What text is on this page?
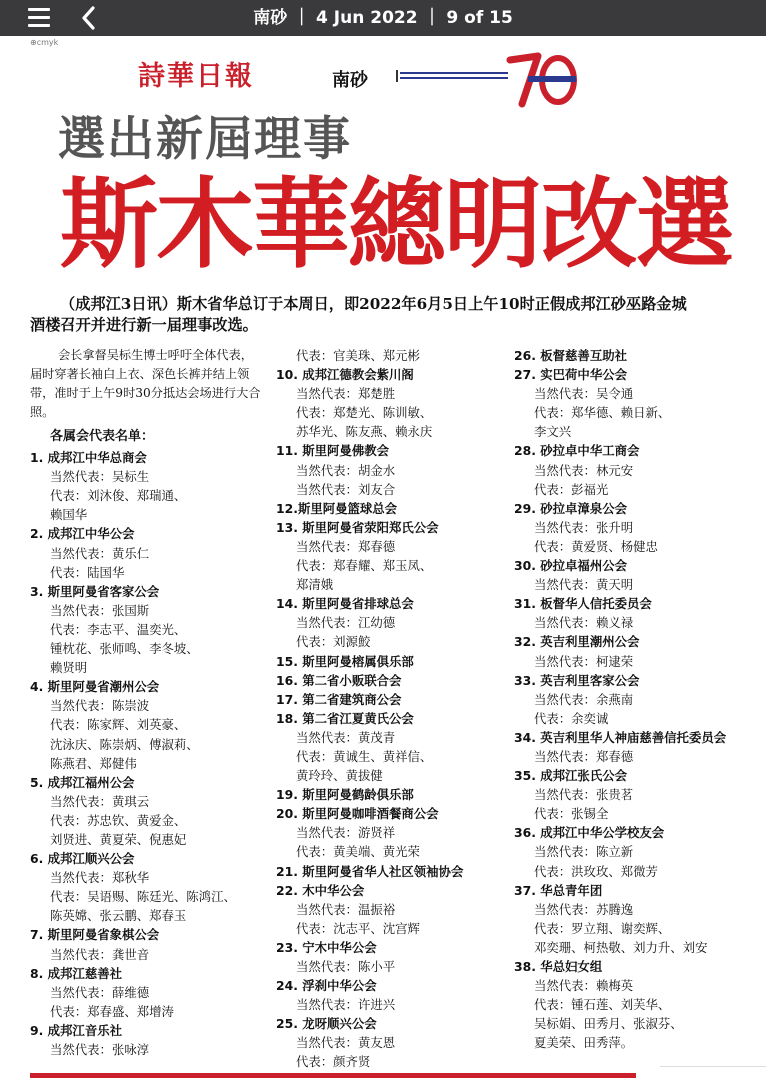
南砂 ｜ 4 Jun 2022 ｜ 9 of 15
⊕cmyk
詩華日報	南砂
選出新屆理事
斯木華總明改選

（成邦江3日讯）斯木省华总订于本周日，即2022年6月5日上午10时正假成邦江砂巫路金城

酒楼召开并进行新一届理事改选。

会长拿督吴标生博士呼吁全体代表，届时穿著长袖白上衣、深色长裤并结上领带，准时于上午9时30分抵达会场进行大合照。

各属会代表名单：
1. 成邦江中华总商会
当然代表：吴标生
代表：刘沐俊、郑瑞通、
赖国华
2. 成邦江中华公会
当然代表：黄乐仁
代表：陆国华
3. 斯里阿曼省客家公会
当然代表：张国斯
代表：李志平、温奕光、
锺枕花、张师鸣、李冬坡、
赖贤明
4. 斯里阿曼省潮州公会
当然代表：陈崇波
代表：陈家辉、刘英豪、
沈泳庆、陈崇炳、傅淑莉、
陈燕君、郑健伟
5. 成邦江福州公会
当然代表：黄琪云
代表：苏忠钦、黄爱金、
刘贤进、黄夏荣、倪惠妃
6. 成邦江顺兴公会
当然代表：郑秋华
代表：吴语赐、陈廷光、陈鸿江、
陈英嫦、张云鹏、郑春玉
7. 斯里阿曼省象棋公会
当然代表：龚世音
8. 成邦江慈善社
当然代表：薛维德
代表：郑春盛、郑增涛
9. 成邦江音乐社
当然代表：张咏淳
代表：官美珠、郑元彬
10. 成邦江德教会紫川阁
当然代表：郑楚胜
代表：郑楚光、陈训敏、
苏华光、陈友燕、赖永庆
11. 斯里阿曼佛教会
当然代表：胡金水
当然代表：刘友合
12.斯里阿曼篮球总会
13. 斯里阿曼省荥阳郑氏公会
当然代表：郑春德
代表：郑春耀、郑玉凤、
郑清娥
14. 斯里阿曼省排球总会
当然代表：江幼德
代表：刘源鮫
15. 斯里阿曼榕属俱乐部
16. 第二省小贩联合会
17. 第二省建筑商公会
18. 第二省江夏黄氏公会
当然代表：黄茂青
代表：黄诚生、黄祥信、
黄玲玲、黄拔健
19. 斯里阿曼鹤龄俱乐部
20. 斯里阿曼咖啡酒餐商公会
当然代表：游贤祥
代表：黄美端、黄光荣
21. 斯里阿曼省华人社区领袖协会
22. 木中华公会
当然代表：温振裕
代表：沈志平、沈宫辉
23. 宁木中华公会
当然代表：陈小平
24. 浮刹中华公会
当然代表：许进兴
25. 龙呀顺兴公会
当然代表：黄友恩
代表：颜齐贤
26. 板督慈善互助社
27. 实巴荷中华公会
当然代表：吴令通
代表：郑华德、赖日新、
李文兴
28. 砂拉卓中华工商会
当然代表：林元安
代表：彭福光
29. 砂拉卓漳泉公会
当然代表：张升明
代表：黄爱贤、杨健忠
30. 砂拉卓福州公会
当然代表：黄天明
31. 板督华人信托委员会
当然代表：赖义禄
32. 英吉利里潮州公会
当然代表：柯逮荣
33. 英吉利里客家公会
当然代表：余燕南
代表：余奕诚
34. 英吉利里华人神庙慈善信托委员会
当然代表：郑春德
35. 成邦江张氏公会
当然代表：张贵茗
代表：张锡全
36. 成邦江中华公学校友会
当然代表：陈立新
代表：洪玫玫、郑微芳
37. 华总青年团
当然代表：苏腾逸
代表：罗立翔、谢奕辉、
邓奕珊、柯热敬、刘力升、刘安
38. 华总妇女组
当然代表：赖梅英
代表：锺石莲、刘芙华、
吴标娟、田秀月、张淑芬、
夏美荣、田秀萍。
